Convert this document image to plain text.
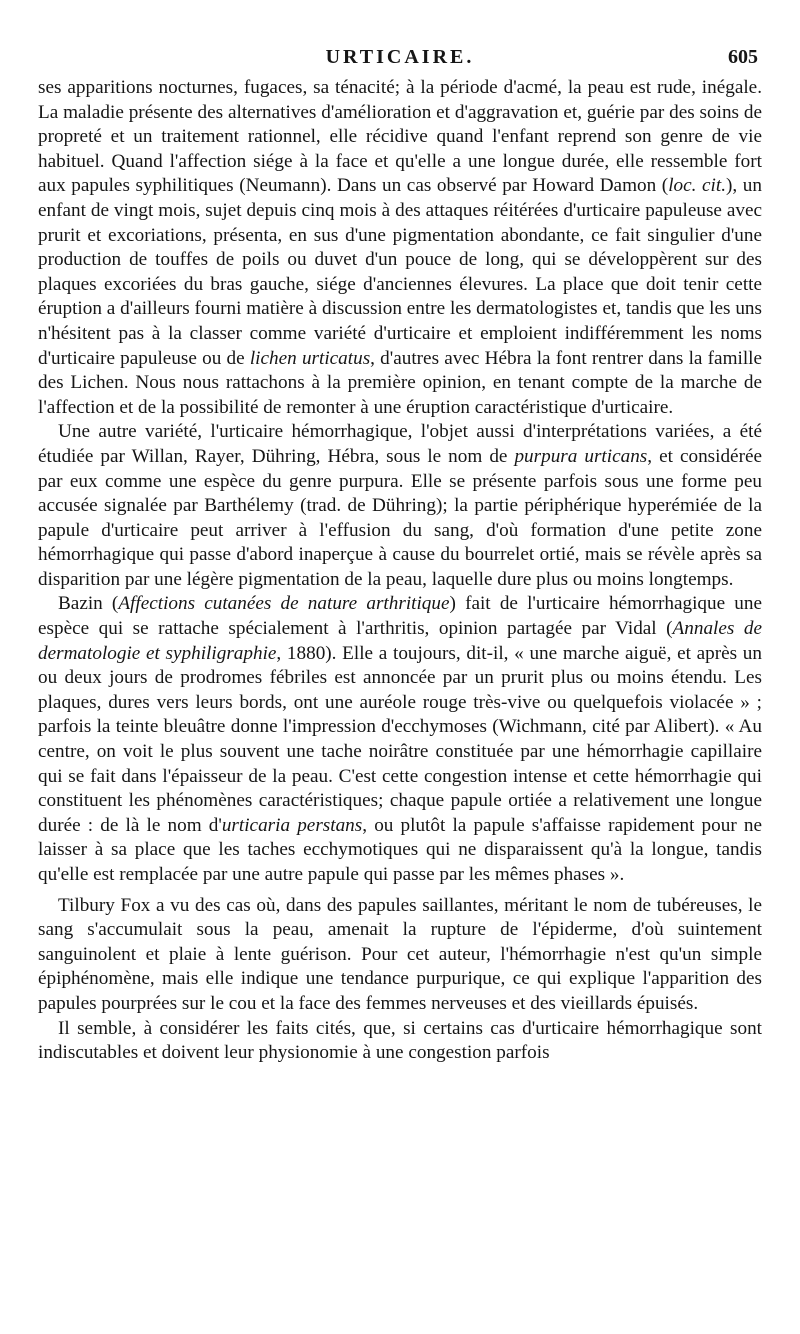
URTICAIRE.	605

ses apparitions nocturnes, fugaces, sa ténacité; à la période d'acmé, la peau est rude, inégale. La maladie présente des alternatives d'amélioration et d'aggravation et, guérie par des soins de propreté et un traitement rationnel, elle récidive quand l'enfant reprend son genre de vie habituel. Quand l'affection siége à la face et qu'elle a une longue durée, elle ressemble fort aux papules syphilitiques (Neumann). Dans un cas observé par Howard Damon (loc. cit.), un enfant de vingt mois, sujet depuis cinq mois à des attaques réitérées d'urticaire papuleuse avec prurit et excoriations, présenta, en sus d'une pigmentation abondante, ce fait singulier d'une production de touffes de poils ou duvet d'un pouce de long, qui se développèrent sur des plaques excoriées du bras gauche, siége d'anciennes élevures. La place que doit tenir cette éruption a d'ailleurs fourni matière à discussion entre les dermatologistes et, tandis que les uns n'hésitent pas à la classer comme variété d'urticaire et emploient indifféremment les noms d'urticaire papuleuse ou de lichen urticatus, d'autres avec Hébra la font rentrer dans la famille des Lichen. Nous nous rattachons à la première opinion, en tenant compte de la marche de l'affection et de la possibilité de remonter à une éruption caractéristique d'urticaire.

Une autre variété, l'urticaire hémorrhagique, l'objet aussi d'interprétations variées, a été étudiée par Willan, Rayer, Dühring, Hébra, sous le nom de purpura urticans, et considérée par eux comme une espèce du genre purpura. Elle se présente parfois sous une forme peu accusée signalée par Barthélemy (trad. de Dühring); la partie périphérique hyperémiée de la papule d'urticaire peut arriver à l'effusion du sang, d'où formation d'une petite zone hémorrhagique qui passe d'abord inaperçue à cause du bourrelet ortié, mais se révèle après sa disparition par une légère pigmentation de la peau, laquelle dure plus ou moins longtemps.

Bazin (Affections cutanées de nature arthritique) fait de l'urticaire hémorrhagique une espèce qui se rattache spécialement à l'arthritis, opinion partagée par Vidal (Annales de dermatologie et syphiligraphie, 1880). Elle a toujours, dit-il, « une marche aiguë, et après un ou deux jours de prodromes fébriles est annoncée par un prurit plus ou moins étendu. Les plaques, dures vers leurs bords, ont une auréole rouge très-vive ou quelquefois violacée » ; parfois la teinte bleuâtre donne l'impression d'ecchymoses (Wichmann, cité par Alibert). « Au centre, on voit le plus souvent une tache noirâtre constituée par une hémorrhagie capillaire qui se fait dans l'épaisseur de la peau. C'est cette congestion intense et cette hémorrhagie qui constituent les phénomènes caractéristiques; chaque papule ortiée a relativement une longue durée : de là le nom d'urticaria perstans, ou plutôt la papule s'affaisse rapidement pour ne laisser à sa place que les taches ecchymotiques qui ne disparaissent qu'à la longue, tandis qu'elle est remplacée par une autre papule qui passe par les mêmes phases ».

Tilbury Fox a vu des cas où, dans des papules saillantes, méritant le nom de tubéreuses, le sang s'accumulait sous la peau, amenait la rupture de l'épiderme, d'où suintement sanguinolent et plaie à lente guérison. Pour cet auteur, l'hémorrhagie n'est qu'un simple épiphénomène, mais elle indique une tendance purpurique, ce qui explique l'apparition des papules pourprées sur le cou et la face des femmes nerveuses et des vieillards épuisés.

Il semble, à considérer les faits cités, que, si certains cas d'urticaire hémorrhagique sont indiscutables et doivent leur physionomie à une congestion parfois
